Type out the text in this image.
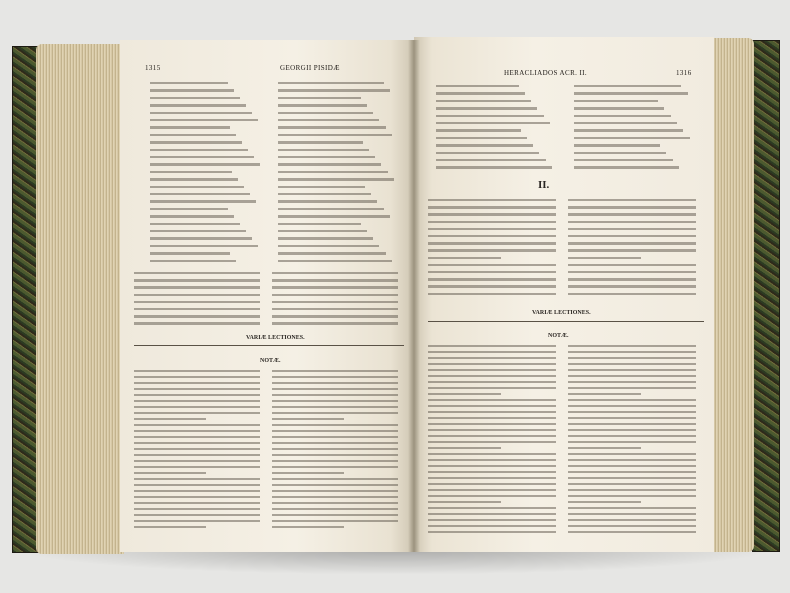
1315	GEORGII PISIDÆ
VARIÆ LECTIONES.
NOTÆ.
HERACLIADOS ACR. II.	1316
II.
VARIÆ LECTIONES.
NOTÆ.
